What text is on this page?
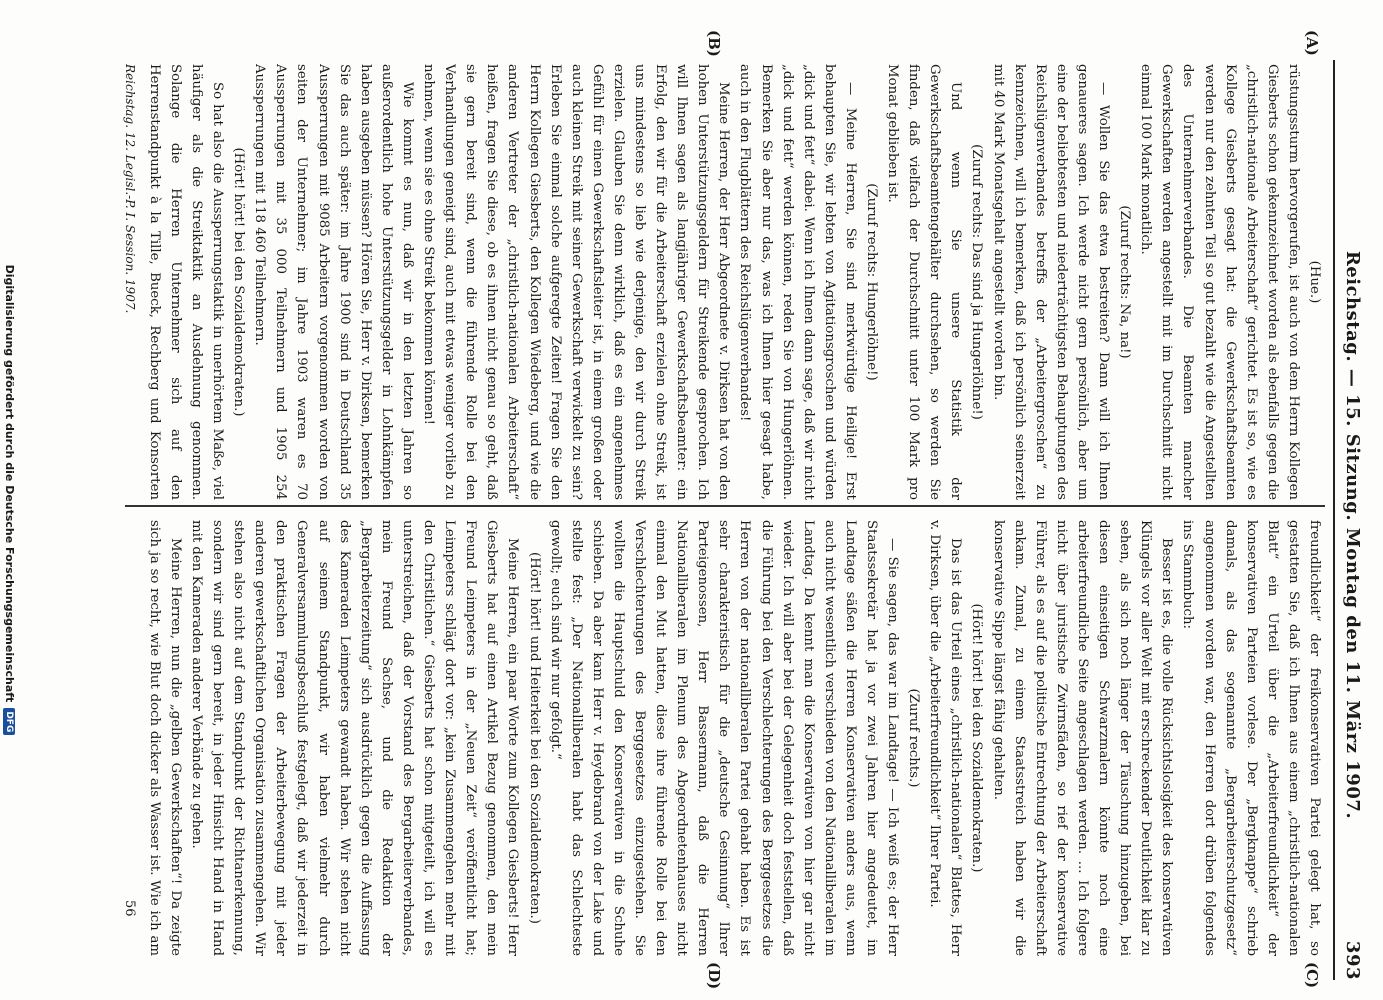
393
Reichstag. — 15. Sitzung. Montag den 11. März 1907.
(A)
(B)
(C)
(D)

(Hue.)

rüstungssturm hervorgerufen, ist auch von dem Herrn Kollegen Giesberts schon gekennzeichnet worden als ebenfalls gegen die „christlich-nationale Arbeiterschaft“ gerichtet. Es ist so, wie es Kollege Giesberts gesagt hat: die Gewerkschaftsbeamten werden nur den zehnten Teil so gut bezahlt wie die Angestellten des Unternehmerverbandes. Die Beamten mancher Gewerkschaften werden angestellt mit im Durchschnitt nicht einmal 100 Mark monatlich.

(Zuruf rechts: Na, na!)

— Wollen Sie das etwa bestreiten? Dann will ich Ihnen genaueres sagen. Ich werde nicht gern persönlich, aber um eine der beliebtesten und niederträchtigsten Behauptungen des Reichslügenverbandes betreffs der „Arbeitergroschen“ zu kennzeichnen, will ich bemerken, daß ich persönlich seinerzeit mit 40 Mark Monatsgehalt angestellt worden bin.

(Zuruf rechts: Das sind ja Hungerlöhne!)

Und wenn Sie unsere Statistik der Gewerkschaftsbeamtengehälter durchsehen, so werden Sie finden, daß vielfach der Durchschnitt unter 100 Mark pro Monat geblieben ist.

(Zuruf rechts: Hungerlöhne!)

— Meine Herren, Sie sind merkwürdige Heilige! Erst behaupten Sie, wir lebten von Agitationsgroschen und würden „dick und fett“ dabei. Wenn ich Ihnen dann sage, daß wir nicht „dick und fett“ werden können, reden Sie von Hungerlöhnen. Bemerken Sie aber nur das, was ich Ihnen hier gesagt habe, auch in den Flugblättern des Reichslügenverbandes!

Meine Herren, der Herr Abgeordnete v. Dirksen hat von den hohen Unterstützungsgeldern für Streikende gesprochen. Ich will Ihnen sagen als langjähriger Gewerkschaftsbeamter: ein Erfolg, den wir für die Arbeiterschaft erzielen ohne Streik, ist uns mindestens so lieb wie derjenige, den wir durch Streik erzielen. Glauben Sie denn wirklich, daß es ein angenehmes Gefühl für einen Gewerkschaftsleiter ist, in einem großen oder auch kleinen Streik mit seiner Gewerkschaft verwickelt zu sein? Erleben Sie einmal solche aufgeregte Zeiten! Fragen Sie den Herrn Kollegen Giesberts, den Kollegen Wiedeberg, und wie die anderen Vertreter der „christlich-nationalen Arbeiterschaft“ heißen, fragen Sie diese, ob es ihnen nicht genau so geht, daß sie gern bereit sind, wenn die führende Rolle bei den Verhandlungen geneigt sind, auch mit etwas weniger vorlieb zu nehmen, wenn sie es ohne Streik bekommen können!

Wie kommt es nun, daß wir in den letzten Jahren so außerordentlich hohe Unterstützungsgelder in Lohnkämpfen haben ausgeben müssen? Hören Sie, Herr v. Dirksen, bemerken Sie das auch später: im Jahre 1900 sind in Deutschland 35 Aussperrungen mit 9085 Arbeitern vorgenommen worden von seiten der Unternehmer; im Jahre 1903 waren es 70 Aussperrungen mit 35 000 Teilnehmern und 1905 254 Aussperrungen mit 118 460 Teilnehmern.

(Hört! hört! bei den Sozialdemokraten.)

So hat also die Aussperrungstaktik in unerhörtem Maße, viel häufiger als die Streiktaktik an Ausdehnung genommen. Solange die Herren Unternehmer sich auf den Herrenstandpunkt à la Tille, Bueck, Rechberg und Konsorten

freundlichkeit“ der freikonservativen Partei gelegt hat, so gestatten Sie, daß ich Ihnen aus einem „christlich-nationalen Blatt“ ein Urteil über die „Arbeiterfreundlichkeit“ der konservativen Parteien vorlese. Der „Bergknappe“ schrieb damals, als das sogenannte „Bergarbeiterschutzgesetz“ angenommen worden war, den Herren dort drüben folgendes ins Stammbuch:

Besser ist es, die volle Rücksichtslosigkeit des konservativen Klüngels vor aller Welt mit erschreckender Deutlichkeit klar zu sehen, als sich noch länger der Täuschung hinzugeben, bei diesen einseitigen Schwarzmalern könnte noch eine arbeiterfreundliche Seite angeschlagen werden. ... Ich folgere nicht über juristische Zwirnsfäden, so rief der konservative Führer, als es auf die politische Entrechtung der Arbeiterschaft ankam. Zumal, zu einem Staatsstreich haben wir die konservative Sippe längst fähig gehalten.

(Hört! hört! bei den Sozialdemokraten.)

Das ist das Urteil eines „christlich-nationalen“ Blattes, Herr v. Dirksen, über die „Arbeiterfreundlichkeit“ Ihrer Partei.

(Zuruf rechts.)

— Sie sagen, das war im Landtage! — Ich weiß es; der Herr Staatssekretär hat ja vor zwei Jahren hier angedeutet, im Landtage säßen die Herren Konservativen anders aus, wenn auch nicht wesentlich verschieden von den Nationalliberalen im Landtag. Da kennt man die Konservativen von hier gar nicht wieder. Ich will aber bei der Gelegenheit doch feststellen, daß die Führung bei den Verschlechterungen des Berggesetzes die Herren von der nationalliberalen Partei gehabt haben. Es ist sehr charakteristisch für die „deutsche Gesinnung“ Ihrer Parteigenossen, Herr Bassermann, daß die Herren Nationalliberalen im Plenum des Abgeordnetenhauses nicht einmal den Mut hatten, diese ihre führende Rolle bei den Verschlechterungen des Berggesetzes einzugestehen. Sie wollten die Hauptschuld den Konservativen in die Schuhe schieben. Da aber kam Herr v. Heydebrand von der Lake und stellte fest: „Der Nationalliberalen habt das Schlechteste gewollt; euch sind wir nur gefolgt.“

(Hört! hört! und Heiterkeit bei den Sozialdemokraten.)

Meine Herren, ein paar Worte zum Kollegen Giesberts! Herr Giesberts hat auf einen Artikel Bezug genommen, den mein Freund Leimpeters in der „Neuen Zeit“ veröffentlicht hat; Leimpeters schlägt dort vor: „kein Zusammengehen mehr mit den Christlichen.“ Giesberts hat schon mitgeteilt, ich will es unterstreichen, daß der Vorstand des Bergarbeiterverbandes, mein Freund Sachse, und die Redaktion der „Bergarbeiterzeitung“ sich ausdrücklich gegen die Auffassung des Kameraden Leimpeters gewandt haben. Wir stehen nicht auf seinem Standpunkt, wir haben vielmehr durch Generalversammlungsbeschluß festgelegt, daß wir jederzeit in den praktischen Fragen der Arbeiterbewegung mit jeder anderen gewerkschaftlichen Organisation zusammengehen. Wir stehen also nicht auf dem Standpunkt der Richtanerkennung, sondern wir sind gern bereit, in jeder Hinsicht Hand in Hand mit den Kameraden anderer Verbände zu gehen.

Meine Herren, nun die „gelben Gewerkschaften“! Da zeigte sich ja so recht, wie Blut doch dicker als Wasser ist. Wie ich am

Reichstag. 12. Legisl.-P. I. Session. 1907.
56
Digitalisierung gefördert durch die Deutsche Forschungsgemeinschaft
DFG
